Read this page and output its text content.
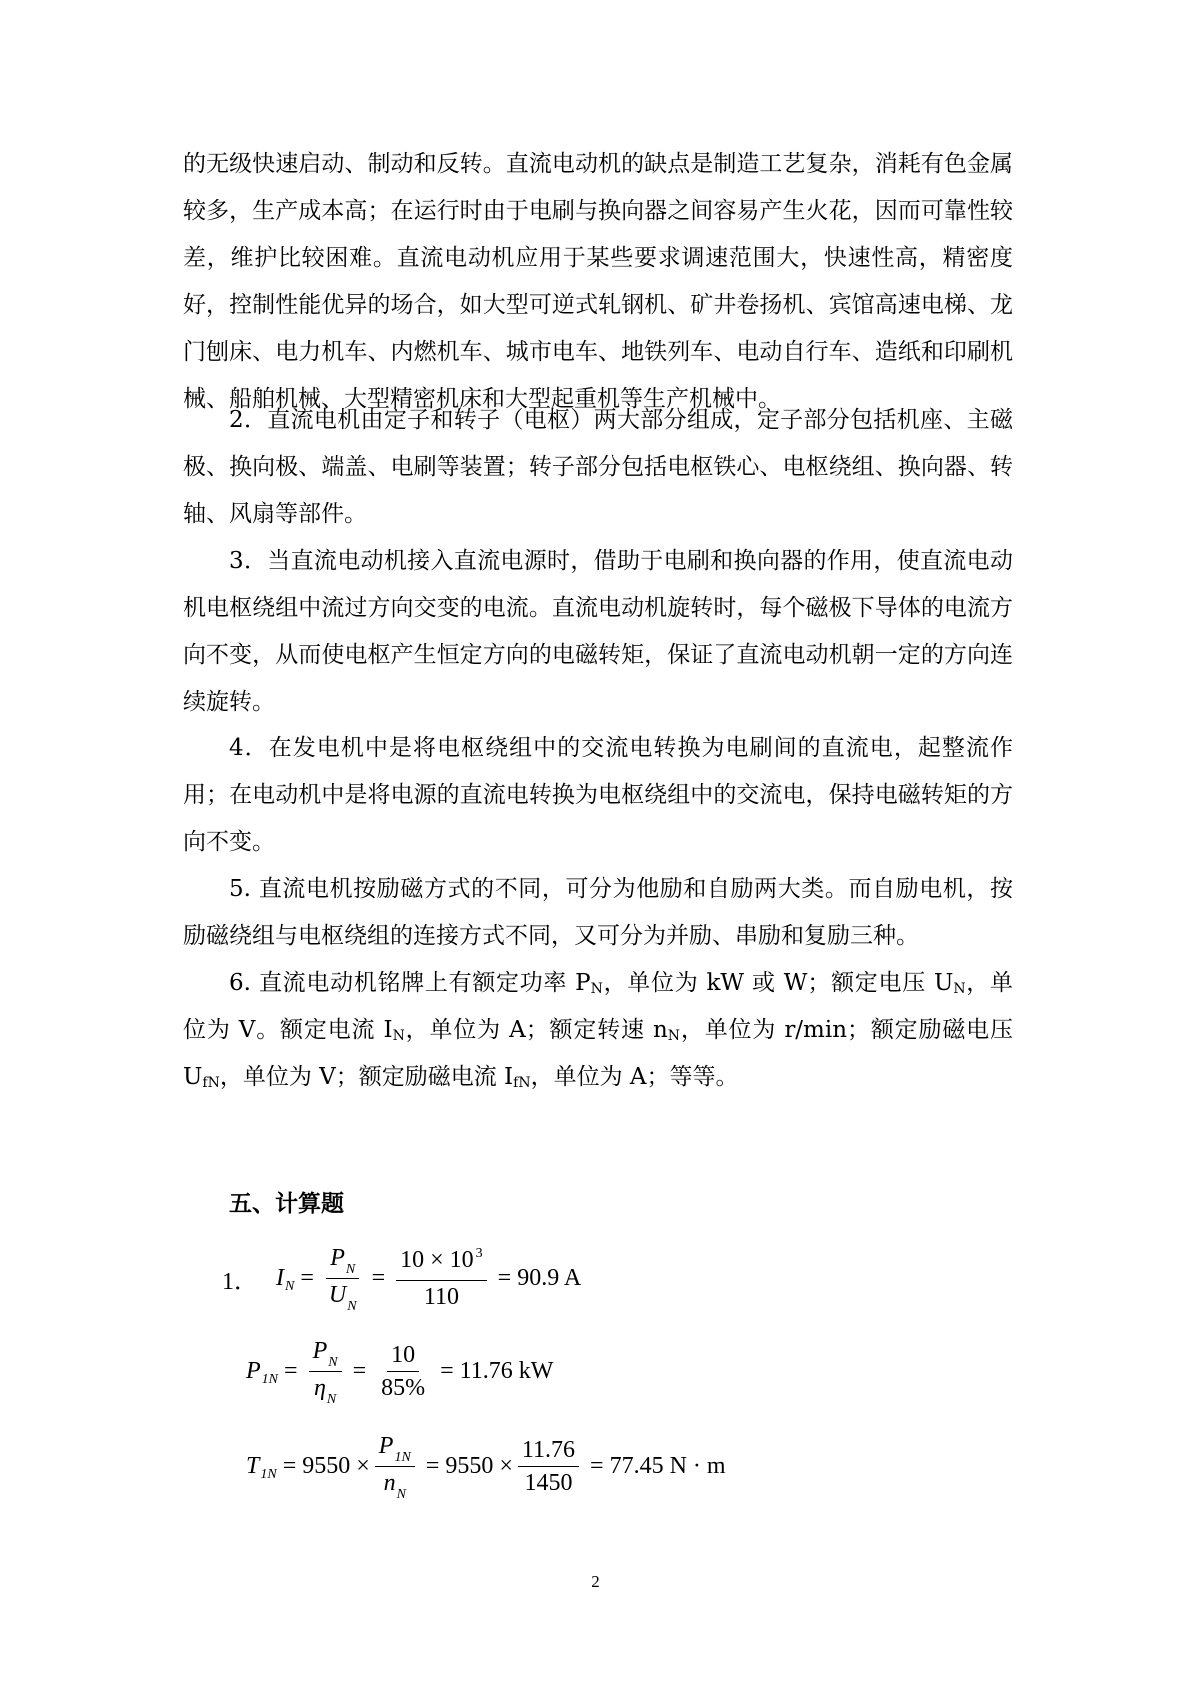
的无级快速启动、制动和反转。直流电动机的缺点是制造工艺复杂，消耗有色金属较多，生产成本高；在运行时由于电刷与换向器之间容易产生火花，因而可靠性较差，维护比较困难。直流电动机应用于某些要求调速范围大，快速性高，精密度好，控制性能优异的场合，如大型可逆式轧钢机、矿井卷扬机、宾馆高速电梯、龙门刨床、电力机车、内燃机车、城市电车、地铁列车、电动自行车、造纸和印刷机械、船舶机械、大型精密机床和大型起重机等生产机械中。

2．直流电机由定子和转子（电枢）两大部分组成，定子部分包括机座、主磁极、换向极、端盖、电刷等装置；转子部分包括电枢铁心、电枢绕组、换向器、转轴、风扇等部件。

3．当直流电动机接入直流电源时，借助于电刷和换向器的作用，使直流电动机电枢绕组中流过方向交变的电流。直流电动机旋转时，每个磁极下导体的电流方向不变，从而使电枢产生恒定方向的电磁转矩，保证了直流电动机朝一定的方向连续旋转。

4．在发电机中是将电枢绕组中的交流电转换为电刷间的直流电，起整流作用；在电动机中是将电源的直流电转换为电枢绕组中的交流电，保持电磁转矩的方向不变。

5. 直流电机按励磁方式的不同，可分为他励和自励两大类。而自励电机，按励磁绕组与电枢绕组的连接方式不同，又可分为并励、串励和复励三种。

6. 直流电动机铭牌上有额定功率 $P_N$，单位为 kW 或 W；额定电压 $U_N$，单位为 V。额定电流 $I_N$，单位为 A；额定转速 $n_N$，单位为 r/min；额定励磁电压 $U_{fN}$，单位为 V；额定励磁电流 $I_{fN}$，单位为 A；等等。

五、计算题

1． I $N = \frac{P_N}{U_N} = \frac{10 \times 10 ^3}{110} = 90.9$ A
P $1N = \frac{P_N}{\eta_N} = \frac{10}{85\%} = 11.76$ kW
T $1N = 9550 \times \frac{P_{1N}}{n_N} = 9550 \times \frac{11.76}{1450} = 77.45$ N · m
2
